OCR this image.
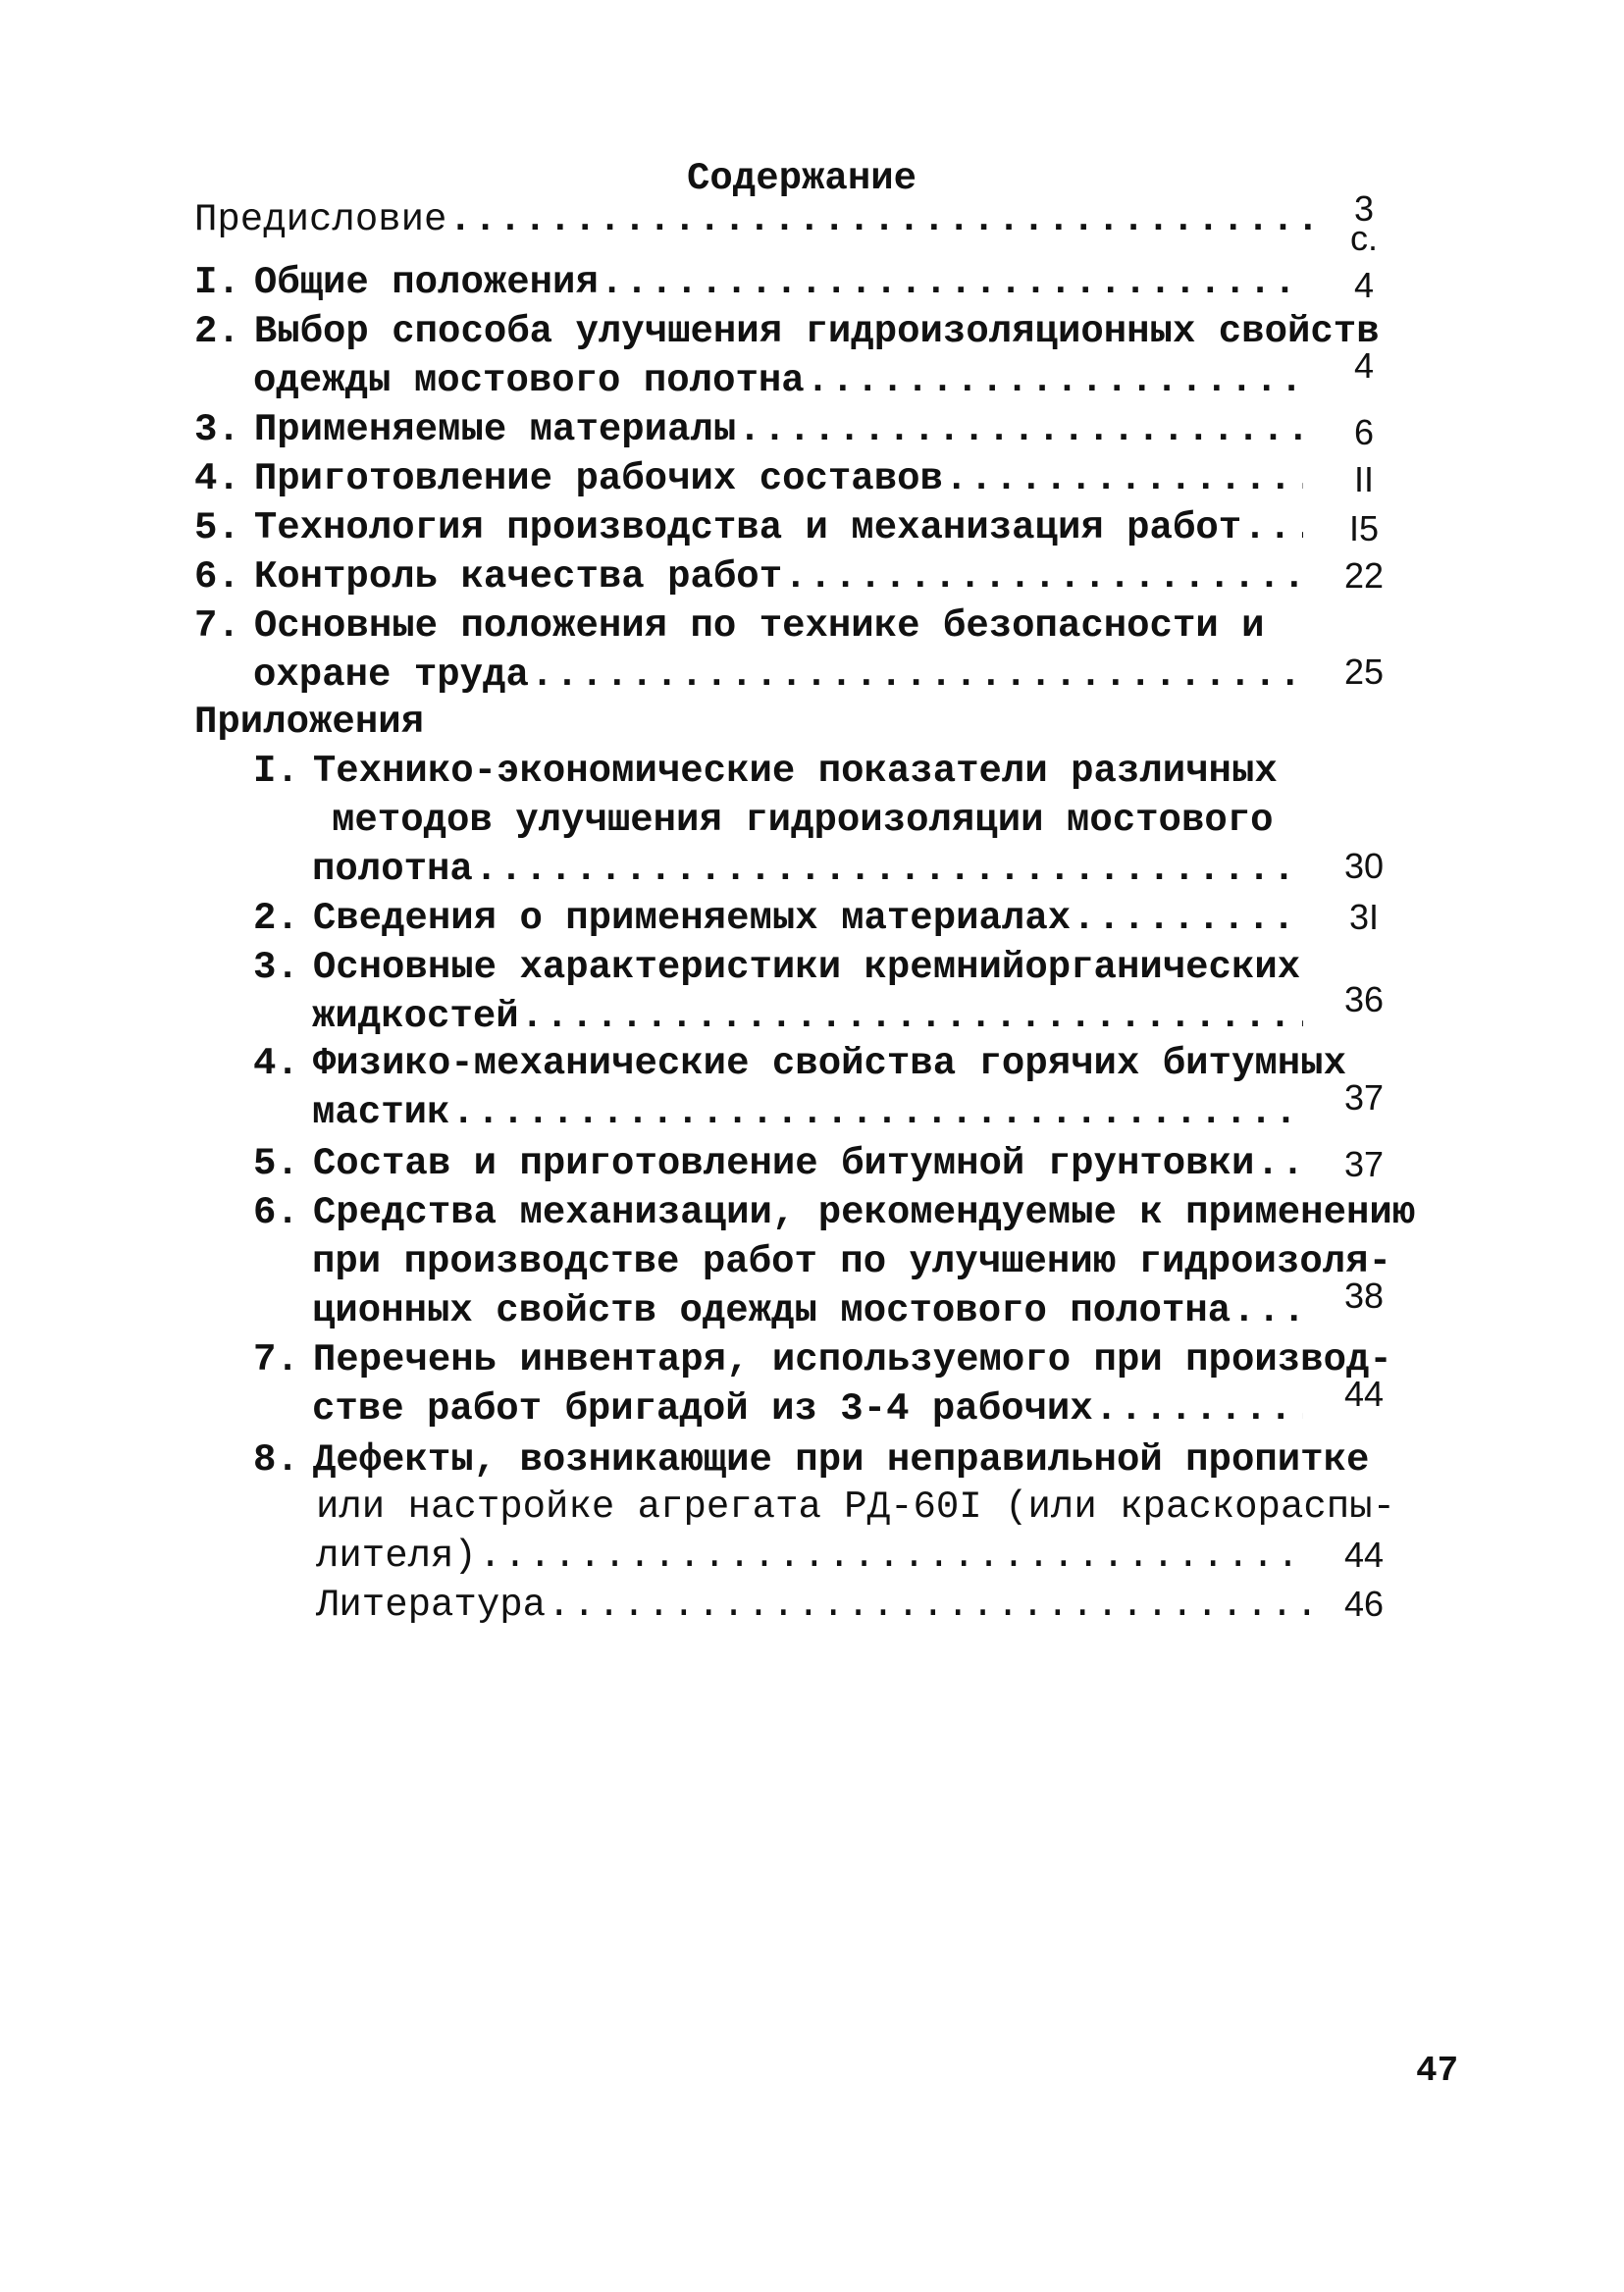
Содержание
Предисловие .....	3
с.
I. Общие положения .....	4
2. Выбор способа улучшения гидроизоляционных свойств
одежды мостового полотна .....	4
3. Применяемые материалы .....	6
4. Приготовление рабочих составов .....	II
5. Технология производства и механизация работ .....	I5
6. Контроль качества работ .....	22
7. Основные положения по технике безопасности и
охране труда .....	25
Приложения
I. Технико-экономические показатели различных
методов улучшения гидроизоляции мостового
полотна .....	30
2. Сведения о применяемых материалах .....	3I
3. Основные характеристики кремнийорганических
жидкостей .....	36
4. Физико-механические свойства горячих битумных
мастик .....	37
5. Состав и приготовление битумной грунтовки .....	37
6. Средства механизации, рекомендуемые к применению
при производстве работ по улучшению гидроизоля-
ционных свойств одежды мостового полотна .....	38
7. Перечень инвентаря, используемого при производ-
стве работ бригадой из 3-4 рабочих .....	44
8. Дефекты, возникающие при неправильной пропитке
или настройке агрегата РД-60I (или краскораспы-
лителя) .....	44
Литература .....	46
47
